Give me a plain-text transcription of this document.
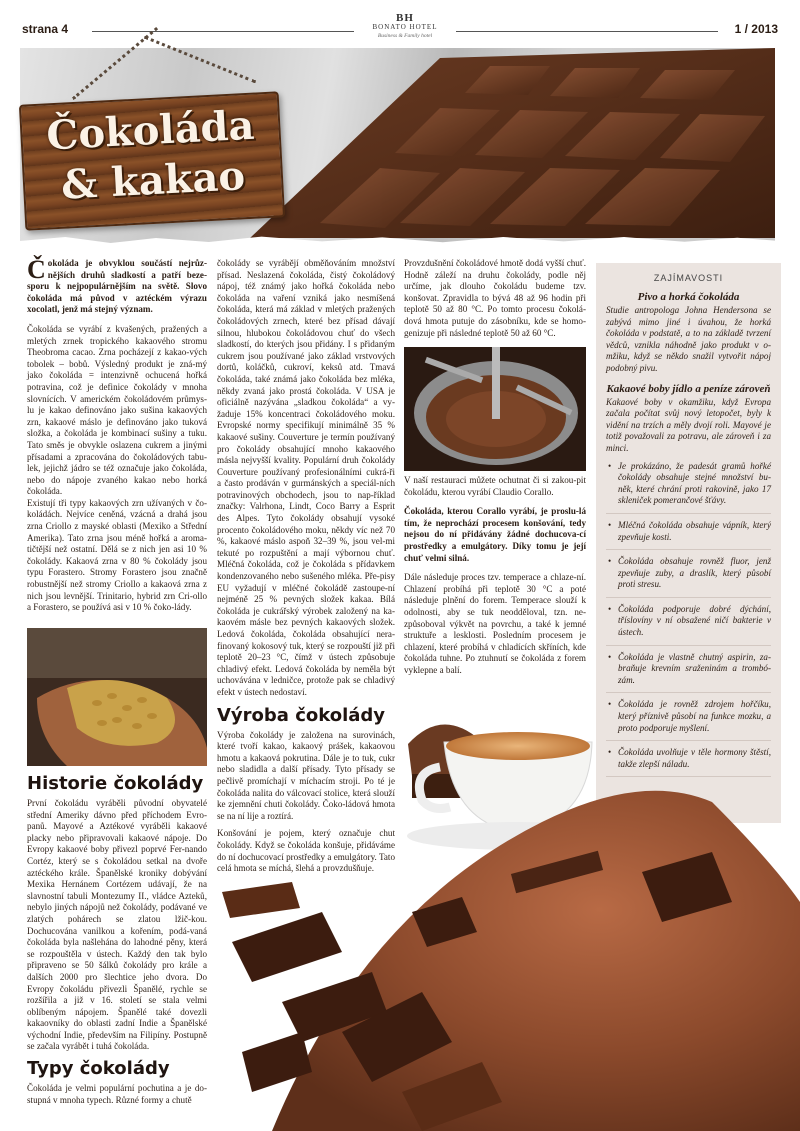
strana 4
BH
BONATO HOTEL
Business & Family hotel	1 / 2013
Čokoláda
& kakao

Čokoláda je obvyklou součástí nejrůz-nějších druhů sladkostí a patří beze-sporu k nejpopulárnějším na světě. Slovo čokoláda má původ v aztéckém výrazu xocolatl, jenž má stejný význam.

Čokoláda se vyrábí z kvašených, pražených a mletých zrnek tropického kakaového stromu Theobroma cacao. Zrna pocházejí z kakao-vých tobolek – bobů. Výsledný produkt je zná-mý jako čokoláda = intenzivně ochucená hořká potravina, což je definice čokolády v mnoha slovnících. V americkém čokoládovém průmys-lu je kakao definováno jako sušina kakaových zrn, kakaové máslo je definováno jako tuková složka, a čokoláda je kombinací sušiny a tuku. Tato směs je obvykle oslazena cukrem a jinými přísadami a zpracována do čokoládových tabu-lek, jejichž jádro se též označuje jako čokoláda, nebo do nápoje zvaného kakao nebo horká čokoláda.

Existují tři typy kakaových zrn užívaných v čo-koládách. Nejvíce ceněná, vzácná a drahá jsou zrna Criollo z mayské oblasti (Mexiko a Střední Amerika). Tato zrna jsou méně hořká a aroma-tičtější než ostatní. Dělá se z nich jen asi 10 % čokolády. Kakaová zrna v 80 % čokolády jsou typu Forastero. Stromy Forastero jsou značně robustnější než stromy Criollo a kakaová zrna z nich jsou levnější. Trinitario, hybrid zrn Cri-ollo a Forastero, se používá asi v 10 % čoko-lády.

Historie čokolády

První čokoládu vyráběli původní obyvatelé střední Ameriky dávno před příchodem Evro-panů. Mayové a Aztékové vyráběli kakaové placky nebo připravovali kakaové nápoje. Do Evropy kakaové boby přivezl poprvé Fer-nando Cortéz, který se s čokoládou setkal na dvoře aztéckého krále. Španělské kroniky dobývání Mexika Hernánem Cortézem udávají, že na slavnostní tabuli Montezumy II., vládce Azteků, nebylo jiných nápojů než čokolády, podávané ve zlatých pohárech se zlatou lžič-kou. Dochucována vanilkou a kořením, podá-vaná čokoláda byla našlehána do lahodné pěny, která se rozpouštěla v ústech. Každý den tak bylo připraveno se 50 šálků čokolády pro krále a dalších 2000 pro šlechtice jeho dvora. Do Evropy čokoládu přivezli Španělé, rychle se rozšířila a již v 16. století se stala velmi oblíbeným nápojem. Španělé také dovezli kakaovníky do oblasti zadní Indie a Španělské východní Indie, především na Filipíny. Postupně se začala vyrábět i tuhá čokoláda.

Typy čokolády

Čokoláda je velmi populární pochutina a je do-stupná v mnoha typech. Různé formy a chutě

čokolády se vyrábějí obměňováním množství přísad. Neslazená čokoláda, čistý čokoládový nápoj, též známý jako hořká čokoláda nebo čokoláda na vaření vzniká jako nesmíšená čokoláda, která má základ v mletých pražených čokoládových zrnech, které bez přísad dávají silnou, hlubokou čokoládovou chuť do všech sladkostí, do kterých jsou přidány. I s přidaným cukrem jsou používané jako základ vrstvových dortů, koláčků, cukroví, keksů atd. Tmavá čokoláda, také známá jako čokoláda bez mléka, někdy zvaná jako prostá čokoláda. V USA je oficiálně nazývána „sladkou čokoláda“ a vy-žaduje 15% koncentraci čokoládového moku. Evropské normy specifikují minimálně 35 % kakaové sušiny. Couverture je termín používaný pro čokolády obsahující mnoho kakaového másla nejvyšší kvality. Populární druh čokolády Couverture používaný profesionálními cukrá-ři a často prodáván v gurmánských a speciál-ních potravinových obchodech, jsou to nap-říklad značky: Valrhona, Lindt, Coco Barry a Esprit des Alpes. Tyto čokolády obsahují vysoké procento čokoládového moku, někdy víc než 70 %, kakaové máslo aspoň 32–39 %, jsou vel-mi tekuté po rozpuštění a mají výbornou chuť. Mléčná čokoláda, což je čokoláda s přídavkem kondenzovaného nebo sušeného mléka. Pře-pisy EU vyžadují v mléčné čokoládě zastoupe-ní nejméně 25 % pevných složek kakaa. Bílá čokoláda je cukrářský výrobek založený na ka-kaovém másle bez pevných kakaových složek. Ledová čokoláda, čokoláda obsahující nera-finovaný kokosový tuk, který se rozpouští již při teplotě 20–23 °C, čímž v ústech způsobuje chladivý efekt. Ledová čokoláda by neměla být uchovávána v ledničce, protože pak se chladivý efekt v ústech nedostaví.

Výroba čokolády

Výroba čokolády je založena na surovinách, které tvoří kakao, kakaový prášek, kakaovou hmotu a kakaová pokrutina. Dále je to tuk, cukr nebo sladidla a další přísady. Tyto přísady se pečlivě promíchají v míchacím stroji. Po té je čokoláda nalita do válcovací stolice, která slouží ke zjemnění chuti čokolády. Čoko-ládová hmota se na ní lije a roztírá.

Konšování je pojem, který označuje chut čokolády. Když se čokoláda konšuje, přidáváme do ní dochucovací prostředky a emulgátory. Tato celá hmota se míchá, šlehá a provzdušňuje.

Provzdušnění čokoládové hmotě dodá vyšší chuť. Hodně záleží na druhu čokolády, podle něj určíme, jak dlouho čokoládu budeme tzv. konšovat. Zpravidla to bývá 48 až 96 hodin při teplotě 50 až 80 °C. Po tomto procesu čokolá-dová hmota putuje do zásobníku, kde se homo-genizuje při následné teplotě 50 až 60 °C.

V naší restauraci můžete ochutnat či si zakou-pit čokoládu, kterou vyrábí Claudio Corallo.

Čokoláda, kterou Corallo vyrábí, je proslu-lá tím, že neprochází procesem konšování, tedy nejsou do ní přidávány žádné dochucova-cí prostředky a emulgátory. Díky tomu je její chuť velmi silná.

Dále následuje proces tzv. temperace a chlaze-ní. Chlazení probíhá při teplotě 30 °C a poté následuje plnění do forem. Temperace slouží k odolnosti, aby se tuk neodděloval, tzn. ne-způsoboval výkvět na povrchu, a také k jemné struktuře a lesklosti. Posledním procesem je chlazení, které probíhá v chladících skříních, kde čokoláda tuhne. Po ztuhnutí se čokoláda z forem vyklepne a balí.

ZAJÍMAVOSTI
Pivo a horká čokoláda

Studie antropologa Johna Hendersona se zabývá mimo jiné i úvahou, že horká čokoláda v podstatě, a to na základě tvrzení vědců, vznikla náhodně jako produkt v o-mžiku, když se někdo snažil vytvořit nápoj podobný pivu.

Kakaové boby jídlo a peníze zároveň

Kakaové boby v okamžiku, když Evropa začala počítat svůj nový letopočet, byly k vidění na trzích a měly dvojí roli. Mayové je totiž považovali za potravu, ale zároveň i za minci.

• Je prokázáno, že padesát gramů hořké čokolády obsahuje stejné množství bu-něk, které chrání proti rakovině, jako 17 skleniček pomerančové šťávy.
• Mléčná čokoláda obsahuje vápník, který zpevňuje kosti.
• Čokoláda obsahuje rovněž fluor, jenž zpevňuje zuby, a draslík, který působí proti stresu.
• Čokoláda podporuje dobré dýchání, tříslovíny v ní obsažené ničí bakterie v ústech.
• Čokoláda je vlastně chutný aspirin, za-braňuje krevním sraženinám a trombó-zám.
• Čokoláda je rovněž zdrojem hořčíku, který příznivě působí na funkce mozku, a proto podporuje myšlení.
• Čokoláda uvolňuje v těle hormony štěstí, takže zlepší náladu.
